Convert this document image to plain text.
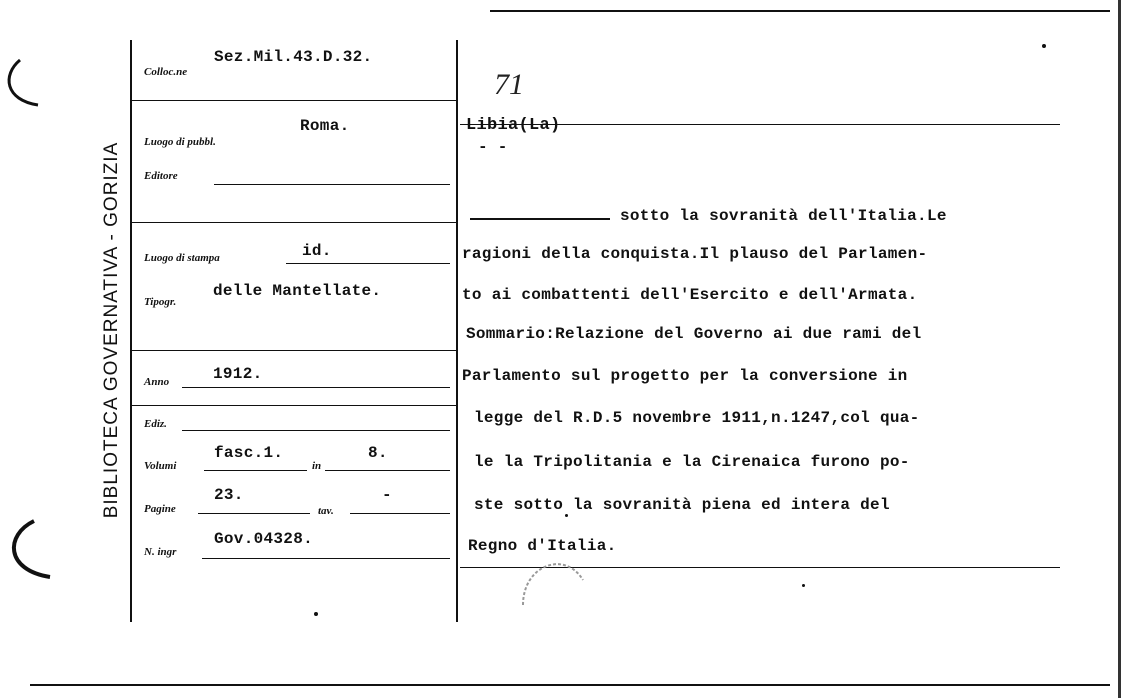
BIBLIOTECA GOVERNATIVA - GORIZIA
Colloc.ne
Sez.Mil.43.D.32.
Luogo di pubbl.
Roma.
Editore
Luogo di stampa	id.
Tipogr.
delle Mantellate.
Anno	1912.
Ediz.
Volumi
fasc.1.
in
8.
Pagine
23.
tav.
-
N. ingr
Gov.04328.
71
Libia(La)
- -
sotto la sovranità dell'Italia.Le
ragioni della conquista.Il plauso del Parlamen-
to ai combattenti dell'Esercito e dell'Armata.
Sommario:Relazione del Governo ai due rami del
Parlamento sul progetto per la conversione in
legge del R.D.5 novembre 1911,n.1247,col qua-
le la Tripolitania e la Cirenaica furono po-
ste sotto la sovranità piena ed intera del
Regno d'Italia.
